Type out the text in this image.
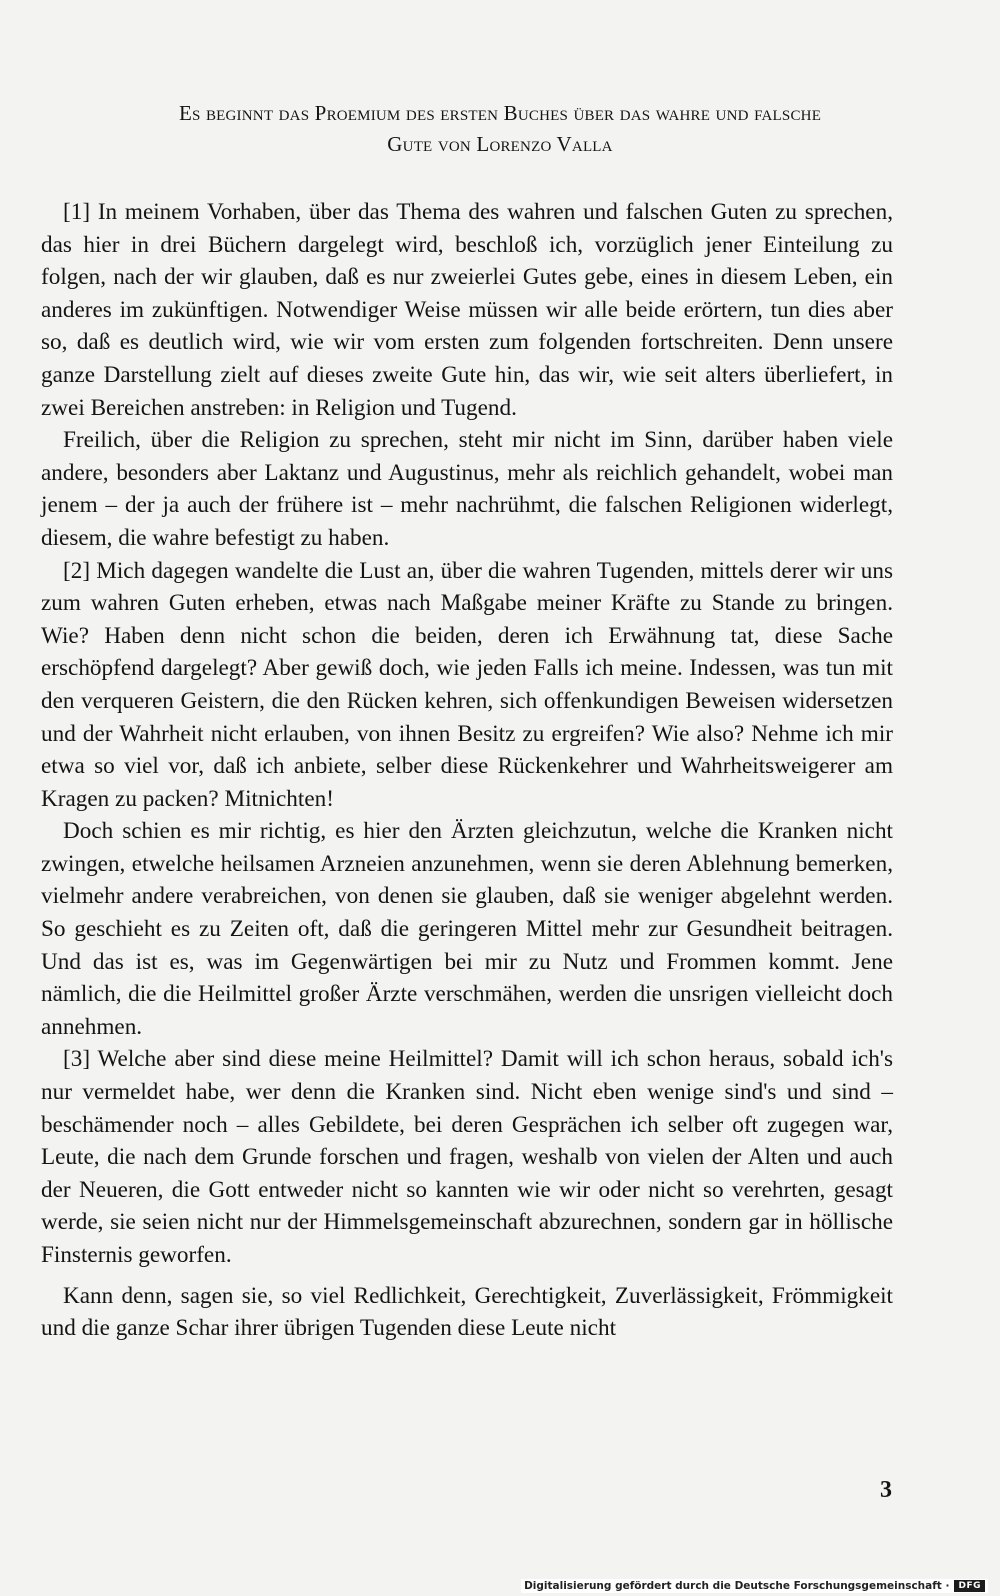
Es beginnt das Proemium des ersten Buches über das wahre und falsche
Gute von Lorenzo Valla

[1] In meinem Vorhaben, über das Thema des wahren und falschen Guten zu sprechen, das hier in drei Büchern dargelegt wird, beschloß ich, vorzüglich jener Einteilung zu folgen, nach der wir glauben, daß es nur zweierlei Gutes gebe, eines in diesem Leben, ein anderes im zukünftigen. Notwendiger Weise müssen wir alle beide erörtern, tun dies aber so, daß es deutlich wird, wie wir vom ersten zum folgenden fortschreiten. Denn unsere ganze Darstellung zielt auf dieses zweite Gute hin, das wir, wie seit alters überliefert, in zwei Bereichen anstreben: in Religion und Tugend.

Freilich, über die Religion zu sprechen, steht mir nicht im Sinn, darüber haben viele andere, besonders aber Laktanz und Augustinus, mehr als reichlich gehandelt, wobei man jenem – der ja auch der frühere ist – mehr nachrühmt, die falschen Religionen widerlegt, diesem, die wahre befestigt zu haben.

[2] Mich dagegen wandelte die Lust an, über die wahren Tugenden, mittels derer wir uns zum wahren Guten erheben, etwas nach Maßgabe meiner Kräfte zu Stande zu bringen. Wie? Haben denn nicht schon die beiden, deren ich Erwähnung tat, diese Sache erschöpfend dargelegt? Aber gewiß doch, wie jeden Falls ich meine. Indessen, was tun mit den verqueren Geistern, die den Rücken kehren, sich offenkundigen Beweisen widersetzen und der Wahrheit nicht erlauben, von ihnen Besitz zu ergreifen? Wie also? Nehme ich mir etwa so viel vor, daß ich anbiete, selber diese Rückenkehrer und Wahrheitsweigerer am Kragen zu packen? Mitnichten!

Doch schien es mir richtig, es hier den Ärzten gleichzutun, welche die Kranken nicht zwingen, etwelche heilsamen Arzneien anzunehmen, wenn sie deren Ablehnung bemerken, vielmehr andere verabreichen, von denen sie glauben, daß sie weniger abgelehnt werden. So geschieht es zu Zeiten oft, daß die geringeren Mittel mehr zur Gesundheit beitragen. Und das ist es, was im Gegenwärtigen bei mir zu Nutz und Frommen kommt. Jene nämlich, die die Heilmittel großer Ärzte verschmähen, werden die unsrigen vielleicht doch annehmen.

[3] Welche aber sind diese meine Heilmittel? Damit will ich schon heraus, sobald ich's nur vermeldet habe, wer denn die Kranken sind. Nicht eben wenige sind's und sind – beschämender noch – alles Gebildete, bei deren Gesprächen ich selber oft zugegen war, Leute, die nach dem Grunde forschen und fragen, weshalb von vielen der Alten und auch der Neueren, die Gott entweder nicht so kannten wie wir oder nicht so verehrten, gesagt werde, sie seien nicht nur der Himmelsgemeinschaft abzurechnen, sondern gar in höllische Finsternis geworfen.

Kann denn, sagen sie, so viel Redlichkeit, Gerechtigkeit, Zuverlässigkeit, Frömmigkeit und die ganze Schar ihrer übrigen Tugenden diese Leute nicht

3
Digitalisierung gefördert durch die Deutsche Forschungsgemeinschaft ·	DFG
